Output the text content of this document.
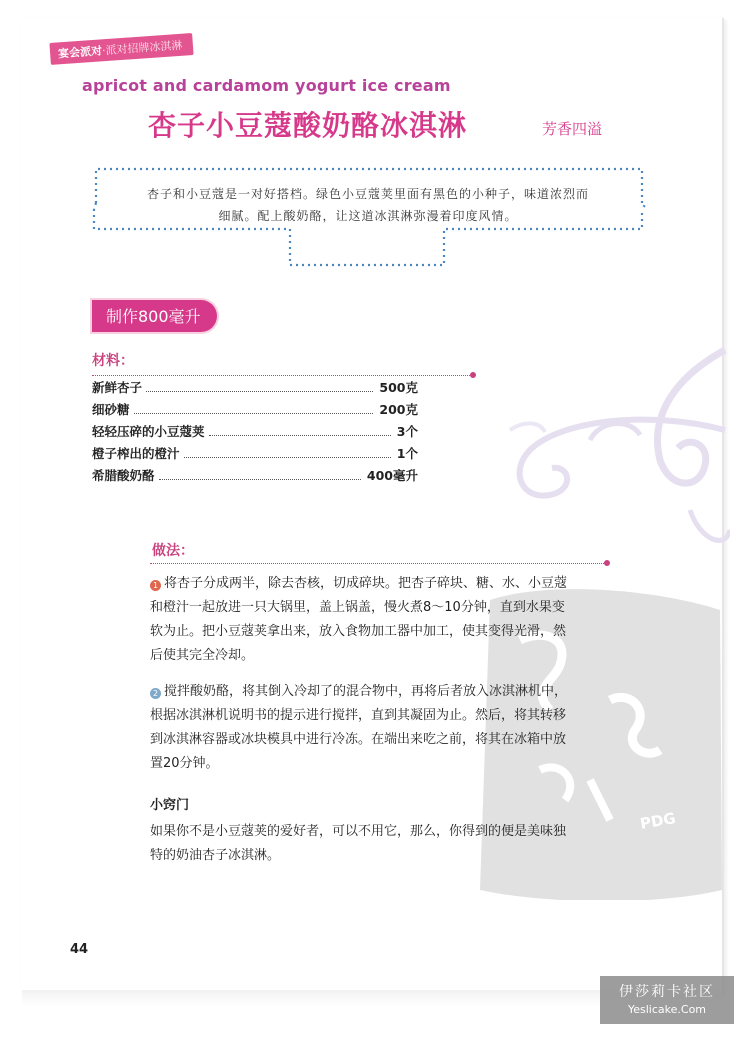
PDG
宴会派对·派对招牌冰淇淋
apricot and cardamom yogurt ice cream
杏子小豆蔻酸奶酪冰淇淋	芳香四溢
杏子和小豆蔻是一对好搭档。绿色小豆蔻荚里面有黑色的小种子，味道浓烈而
细腻。配上酸奶酪，让这道冰淇淋弥漫着印度风情。
制作800毫升
材料：
新鲜杏子	500克
细砂糖	200克
轻轻压碎的小豆蔻荚	3个
橙子榨出的橙汁	1个
希腊酸奶酪	400毫升
做法：
1 将杏子分成两半，除去杏核，切成碎块。把杏子碎块、糖、水、小豆蔻和橙汁一起放进一只大锅里，盖上锅盖，慢火煮8～10分钟，直到水果变软为止。把小豆蔻荚拿出来，放入食物加工器中加工，使其变得光滑，然后使其完全冷却。
2 搅拌酸奶酪，将其倒入冷却了的混合物中，再将后者放入冰淇淋机中，根据冰淇淋机说明书的提示进行搅拌，直到其凝固为止。然后，将其转移到冰淇淋容器或冰块模具中进行冷冻。在端出来吃之前，将其在冰箱中放置20分钟。
小窍门
如果你不是小豆蔻荚的爱好者，可以不用它，那么，你得到的便是美味独特的奶油杏子冰淇淋。
44
伊莎莉卡社区
Yeslicake.Com
